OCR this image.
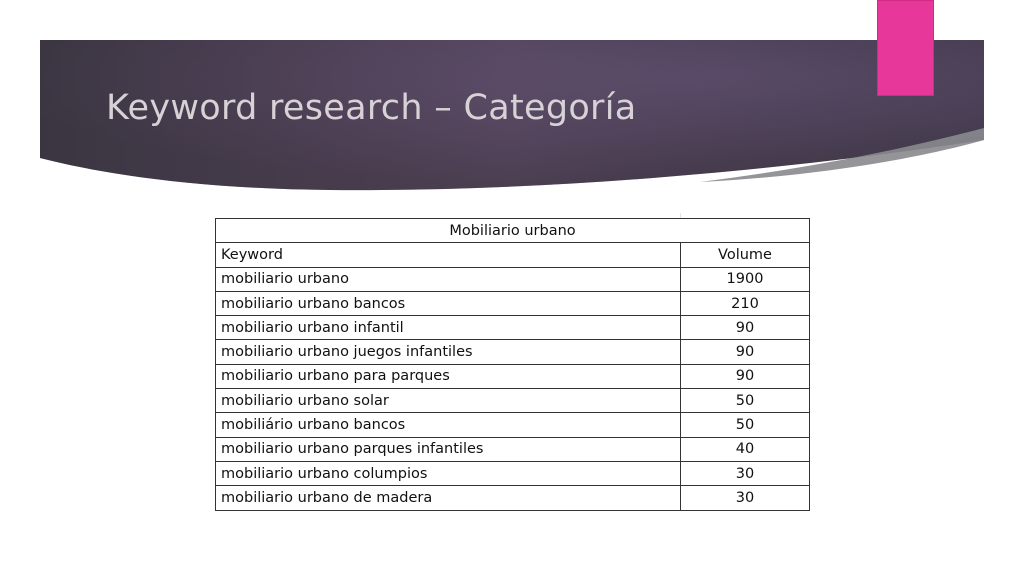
Keyword research – Categoría
Mobiliario urbano	
Keyword	Volume
mobiliario urbano	1900
mobiliario urbano bancos	210
mobiliario urbano infantil	90
mobiliario urbano juegos infantiles	90
mobiliario urbano para parques	90
mobiliario urbano solar	50
mobiliário urbano bancos	50
mobiliario urbano parques infantiles	40
mobiliario urbano columpios	30
mobiliario urbano de madera	30
